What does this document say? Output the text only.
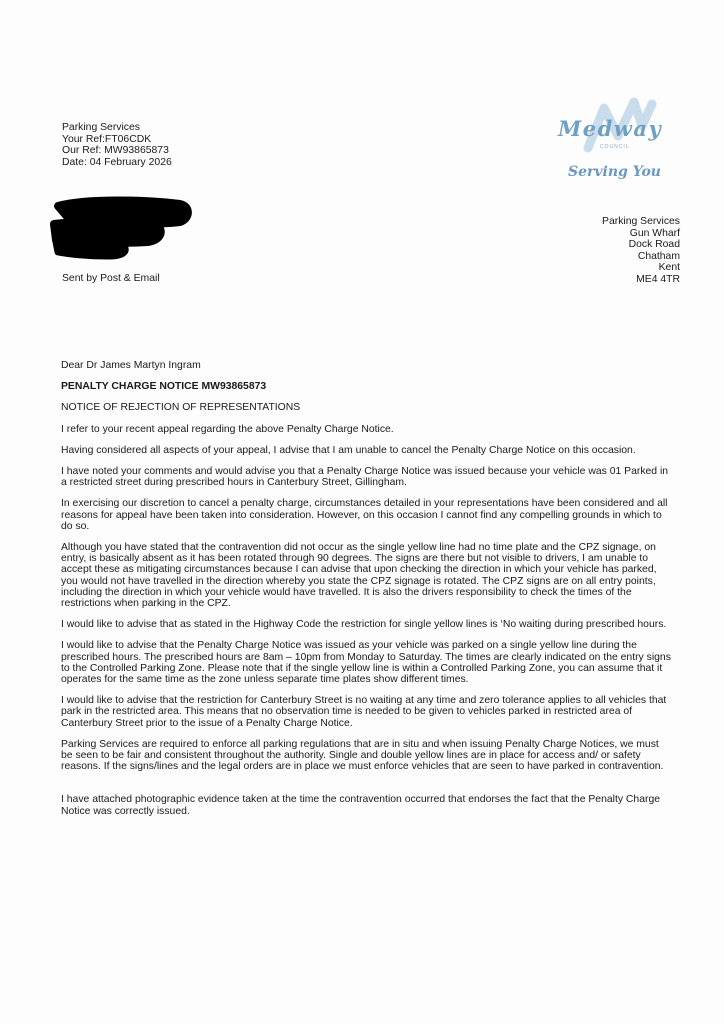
Parking Services
Your Ref:FT06CDK
Our Ref: MW93865873
Date: 04 February 2026
Medway
COUNCIL
Serving You
Parking Services
Gun Wharf
Dock Road
Chatham
Kent
ME4 4TR
Sent by Post & Email

Dear Dr James Martyn Ingram

PENALTY CHARGE NOTICE MW93865873

NOTICE OF REJECTION OF REPRESENTATIONS

I refer to your recent appeal regarding the above Penalty Charge Notice.

Having considered all aspects of your appeal, I advise that I am unable to cancel the Penalty Charge Notice on this occasion.

I have noted your comments and would advise you that a Penalty Charge Notice was issued because your vehicle was 01 Parked in a restricted street during prescribed hours in Canterbury Street, Gillingham.

In exercising our discretion to cancel a penalty charge, circumstances detailed in your representations have been considered and all reasons for appeal have been taken into consideration. However, on this occasion I cannot find any compelling grounds in which to do so.

Although you have stated that the contravention did not occur as the single yellow line had no time plate and the CPZ signage, on entry, is basically absent as it has been rotated through 90 degrees. The signs are there but not visible to drivers, I am unable to accept these as mitigating circumstances because I can advise that upon checking the direction in which your vehicle has parked, you would not have travelled in the direction whereby you state the CPZ signage is rotated. The CPZ signs are on all entry points, including the direction in which your vehicle would have travelled. It is also the drivers responsibility to check the times of the restrictions when parking in the CPZ.

I would like to advise that as stated in the Highway Code the restriction for single yellow lines is ‘No waiting during prescribed hours.

I would like to advise that the Penalty Charge Notice was issued as your vehicle was parked on a single yellow line during the prescribed hours. The prescribed hours are 8am – 10pm from Monday to Saturday. The times are clearly indicated on the entry signs to the Controlled Parking Zone. Please note that if the single yellow line is within a Controlled Parking Zone, you can assume that it operates for the same time as the zone unless separate time plates show different times.

I would like to advise that the restriction for Canterbury Street is no waiting at any time and zero tolerance applies to all vehicles that park in the restricted area. This means that no observation time is needed to be given to vehicles parked in restricted area of Canterbury Street prior to the issue of a Penalty Charge Notice.

Parking Services are required to enforce all parking regulations that are in situ and when issuing Penalty Charge Notices, we must be seen to be fair and consistent throughout the authority. Single and double yellow lines are in place for access and/ or safety reasons. If the signs/lines and the legal orders are in place we must enforce vehicles that are seen to have parked in contravention.

I have attached photographic evidence taken at the time the contravention occurred that endorses the fact that the Penalty Charge Notice was correctly issued.
